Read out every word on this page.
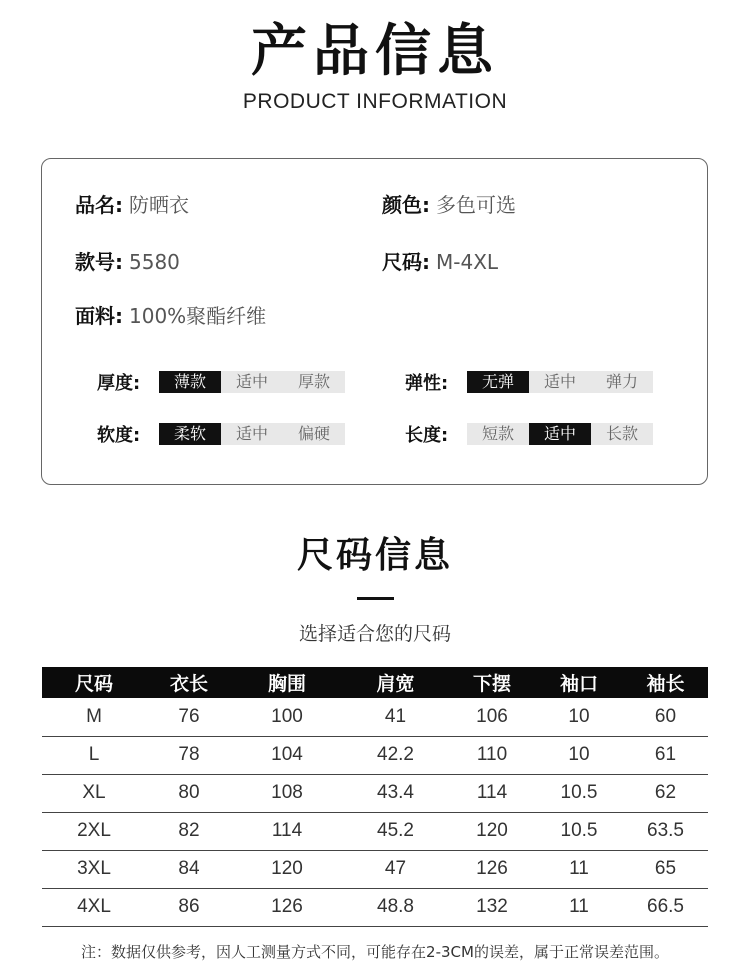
产品信息
PRODUCT INFORMATION
品名: 防晒衣	颜色: 多色可选
款号: 5580	尺码: M-4XL
面料: 100%聚酯纤维
厚度:	薄款	适中	厚款	弹性:	无弹	适中	弹力
软度:	柔软	适中	偏硬	长度:	短款	适中	长款
尺码信息
选择适合您的尺码
尺码	衣长	胸围	肩宽	下摆	袖口	袖长
M	76	100	41	106	10	60
L	78	104	42.2	110	10	61
XL	80	108	43.4	114	10.5	62
2XL	82	114	45.2	120	10.5	63.5
3XL	84	120	47	126	11	65
4XL	86	126	48.8	132	11	66.5
注：数据仅供参考，因人工测量方式不同，可能存在2-3CM的误差，属于正常误差范围。
